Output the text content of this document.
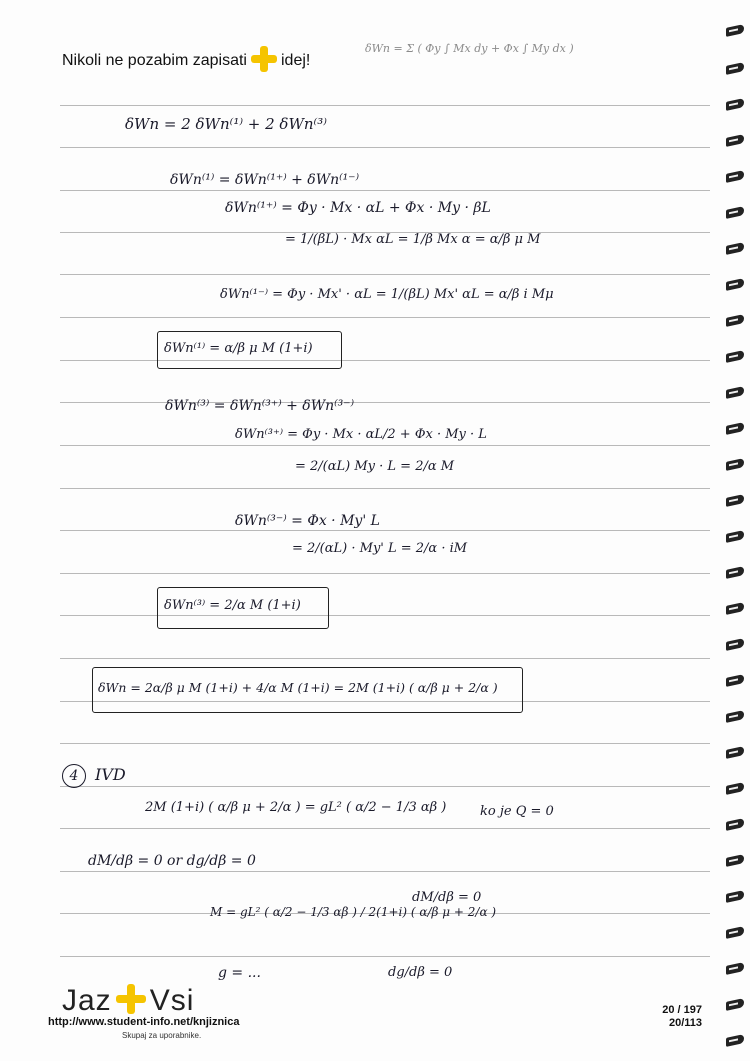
Nikoli ne pozabim zapisati idej!
δWn = Σ ( Φy ∫ Mx dy + Φx ∫ My dx )
δWn = 2 δWn⁽¹⁾ + 2 δWn⁽³⁾
δWn⁽¹⁾ = δWn⁽¹⁺⁾ + δWn⁽¹⁻⁾
δWn⁽¹⁺⁾ = Φy · Mx · αL + Φx · My · βL
= 1/(βL) · Mx αL = 1/β Mx α = α/β μ M
δWn⁽¹⁻⁾ = Φy · Mx' · αL = 1/(βL) Mx' αL = α/β i Mμ
δWn⁽¹⁾ = α/β μ M (1+i)
δWn⁽³⁾ = δWn⁽³⁺⁾ + δWn⁽³⁻⁾
δWn⁽³⁺⁾ = Φy · Mx · αL/2 + Φx · My · L
= 2/(αL) My · L = 2/α M
δWn⁽³⁻⁾ = Φx · My' L
= 2/(αL) · My' L = 2/α · iM
δWn⁽³⁾ = 2/α M (1+i)
δWn = 2α/β μ M (1+i) + 4/α M (1+i) = 2M (1+i) ( α/β μ + 2/α )
4	IVD
2M (1+i) ( α/β μ + 2/α ) = gL² ( α/2 − 1/3 αβ )	ko je Q = 0
dM/dβ = 0 or dg/dβ = 0
M = gL² ( α/2 − 1/3 αβ ) / 2(1+i) ( α/β μ + 2/α )
dM/dβ = 0
g = ...	dg/dβ = 0
Jaz Vsi
http://www.student-info.net/knjiznica
Skupaj za uporabnike.
20 / 197
20/113
